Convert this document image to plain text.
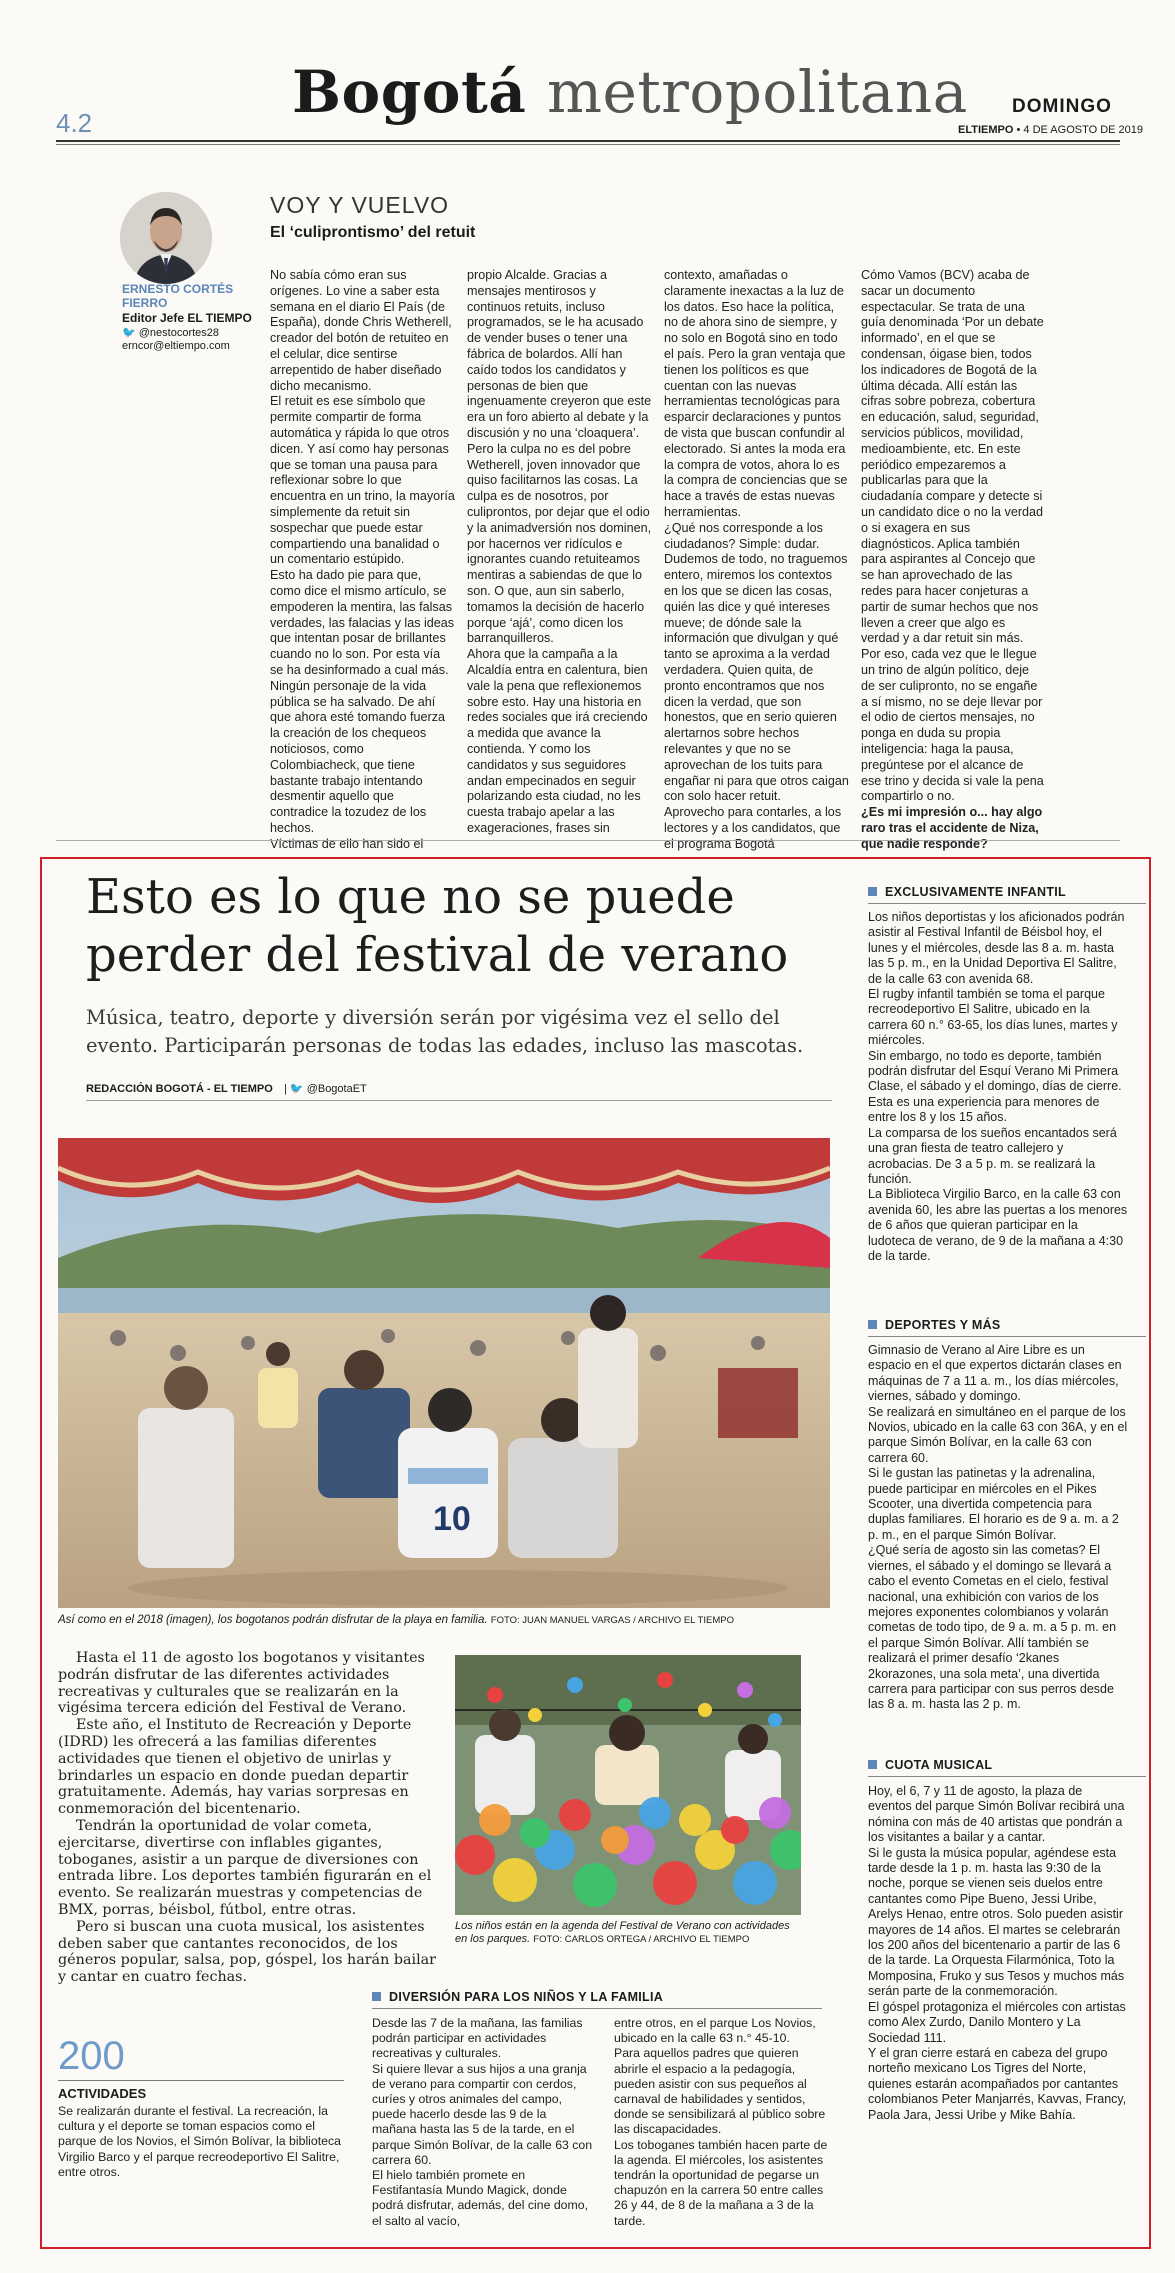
4.2	Bogotá metropolitana DOMINGO
ELTIEMPO • 4 DE AGOSTO DE 2019
ERNESTO CORTÉS FIERRO
Editor Jefe EL TIEMPO
🐦 @nestocortes28
erncor@eltiempo.com
VOY Y VUELVO
El ‘culiprontismo’ del retuit

No sabía cómo eran sus orígenes. Lo vine a saber esta semana en el diario El País (de España), donde Chris Wetherell, creador del botón de retuiteo en el celular, dice sentirse arrepentido de haber diseñado dicho mecanismo.

El retuit es ese símbolo que permite compartir de forma automática y rápida lo que otros dicen. Y así como hay personas que se toman una pausa para reflexionar sobre lo que encuentra en un trino, la mayoría simplemente da retuit sin sospechar que puede estar compartiendo una banalidad o un comentario estúpido.

Esto ha dado pie para que, como dice el mismo artículo, se empoderen la mentira, las falsas verdades, las falacias y las ideas que intentan posar de brillantes cuando no lo son. Por esta vía se ha desinformado a cual más. Ningún personaje de la vida pública se ha salvado. De ahí que ahora esté tomando fuerza la creación de los chequeos noticiosos, como Colombiacheck, que tiene bastante trabajo intentando desmentir aquello que contradice la tozudez de los hechos.

Víctimas de ello han sido el

propio Alcalde. Gracias a mensajes mentirosos y continuos retuits, incluso programados, se le ha acusado de vender buses o tener una fábrica de bolardos. Allí han caído todos los candidatos y personas de bien que ingenuamente creyeron que este era un foro abierto al debate y la discusión y no una ‘cloaquera’.

Pero la culpa no es del pobre Wetherell, joven innovador que quiso facilitarnos las cosas. La culpa es de nosotros, por culiprontos, por dejar que el odio y la animadversión nos dominen, por hacernos ver ridículos e ignorantes cuando retuiteamos mentiras a sabiendas de que lo son. O que, aun sin saberlo, tomamos la decisión de hacerlo porque ‘ajá’, como dicen los barranquilleros.

Ahora que la campaña a la Alcaldía entra en calentura, bien vale la pena que reflexionemos sobre esto. Hay una historia en redes sociales que irá creciendo a medida que avance la contienda. Y como los candidatos y sus seguidores andan empecinados en seguir polarizando esta ciudad, no les cuesta trabajo apelar a las exageraciones, frases sin

contexto, amañadas o claramente inexactas a la luz de los datos. Eso hace la política, no de ahora sino de siempre, y no solo en Bogotá sino en todo el país. Pero la gran ventaja que tienen los políticos es que cuentan con las nuevas herramientas tecnológicas para esparcir declaraciones y puntos de vista que buscan confundir al electorado. Si antes la moda era la compra de votos, ahora lo es la compra de conciencias que se hace a través de estas nuevas herramientas.

¿Qué nos corresponde a los ciudadanos? Simple: dudar. Dudemos de todo, no traguemos entero, miremos los contextos en los que se dicen las cosas, quién las dice y qué intereses mueve; de dónde sale la información que divulgan y qué tanto se aproxima a la verdad verdadera. Quien quita, de pronto encontramos que nos dicen la verdad, que son honestos, que en serio quieren alertarnos sobre hechos relevantes y que no se aprovechan de los tuits para engañar ni para que otros caigan con solo hacer retuit.

Aprovecho para contarles, a los lectores y a los candidatos, que el programa Bogotá

Cómo Vamos (BCV) acaba de sacar un documento espectacular. Se trata de una guía denominada ‘Por un debate informado’, en el que se condensan, óigase bien, todos los indicadores de Bogotá de la última década. Allí están las cifras sobre pobreza, cobertura en educación, salud, seguridad, servicios públicos, movilidad, medioambiente, etc. En este periódico empezaremos a publicarlas para que la ciudadanía compare y detecte si un candidato dice o no la verdad o si exagera en sus diagnósticos. Aplica también para aspirantes al Concejo que se han aprovechado de las redes para hacer conjeturas a partir de sumar hechos que nos lleven a creer que algo es verdad y a dar retuit sin más.

Por eso, cada vez que le llegue un trino de algún político, deje de ser culipronto, no se engañe a sí mismo, no se deje llevar por el odio de ciertos mensajes, no ponga en duda su propia inteligencia: haga la pausa, pregúntese por el alcance de ese trino y decida si vale la pena compartirlo o no.

¿Es mi impresión o... hay algo raro tras el accidente de Niza, que nadie responde?

Esto es lo que no se puede perder del festival de verano
Música, teatro, deporte y diversión serán por vigésima vez el sello del evento. Participarán personas de todas las edades, incluso las mascotas.
REDACCIÓN BOGOTÁ - EL TIEMPO | 🐦 @BogotaET
10
Así como en el 2018 (imagen), los bogotanos podrán disfrutar de la playa en familia. FOTO: JUAN MANUEL VARGAS / ARCHIVO EL TIEMPO

Hasta el 11 de agosto los bogotanos y visitantes podrán disfrutar de las diferentes actividades recreativas y culturales que se realizarán en la vigésima tercera edición del Festival de Verano.

Este año, el Instituto de Recreación y Deporte (IDRD) les ofrecerá a las familias diferentes actividades que tienen el objetivo de unirlas y brindarles un espacio en donde puedan departir gratuitamente. Además, hay varias sorpresas en conmemoración del bicentenario.

Tendrán la oportunidad de volar cometa, ejercitarse, divertirse con inflables gigantes, toboganes, asistir a un parque de diversiones con entrada libre. Los deportes también figurarán en el evento. Se realizarán muestras y competencias de BMX, porras, béisbol, fútbol, entre otras.

Pero si buscan una cuota musical, los asistentes deben saber que cantantes reconocidos, de los géneros popular, salsa, pop, góspel, los harán bailar y cantar en cuatro fechas.

Los niños están en la agenda del Festival de Verano con actividades en los parques. FOTO: CARLOS ORTEGA / ARCHIVO EL TIEMPO
EXCLUSIVAMENTE INFANTIL

Los niños deportistas y los aficionados podrán asistir al Festival Infantil de Béisbol hoy, el lunes y el miércoles, desde las 8 a. m. hasta las 5 p. m., en la Unidad Deportiva El Salitre, de la calle 63 con avenida 68.

El rugby infantil también se toma el parque recreodeportivo El Salitre, ubicado en la carrera 60 n.° 63-65, los días lunes, martes y miércoles.

Sin embargo, no todo es deporte, también podrán disfrutar del Esquí Verano Mi Primera Clase, el sábado y el domingo, días de cierre. Esta es una experiencia para menores de entre los 8 y los 15 años.

La comparsa de los sueños encantados será una gran fiesta de teatro callejero y acrobacias. De 3 a 5 p. m. se realizará la función.

La Biblioteca Virgilio Barco, en la calle 63 con avenida 60, les abre las puertas a los menores de 6 años que quieran participar en la ludoteca de verano, de 9 de la mañana a 4:30 de la tarde.

DEPORTES Y MÁS

Gimnasio de Verano al Aire Libre es un espacio en el que expertos dictarán clases en máquinas de 7 a 11 a. m., los días miércoles, viernes, sábado y domingo.

Se realizará en simultáneo en el parque de los Novios, ubicado en la calle 63 con 36A, y en el parque Simón Bolívar, en la calle 63 con carrera 60.

Si le gustan las patinetas y la adrenalina, puede participar en miércoles en el Pikes Scooter, una divertida competencia para duplas familiares. El horario es de 9 a. m. a 2 p. m., en el parque Simón Bolívar.

¿Qué sería de agosto sin las cometas? El viernes, el sábado y el domingo se llevará a cabo el evento Cometas en el cielo, festival nacional, una exhibición con varios de los mejores exponentes colombianos y volarán cometas de todo tipo, de 9 a. m. a 5 p. m. en el parque Simón Bolívar. Allí también se realizará el primer desafío ‘2kanes 2korazones, una sola meta’, una divertida carrera para participar con sus perros desde las 8 a. m. hasta las 2 p. m.

CUOTA MUSICAL

Hoy, el 6, 7 y 11 de agosto, la plaza de eventos del parque Simón Bolívar recibirá una nómina con más de 40 artistas que pondrán a los visitantes a bailar y a cantar.

Si le gusta la música popular, agéndese esta tarde desde la 1 p. m. hasta las 9:30 de la noche, porque se vienen seis duelos entre cantantes como Pipe Bueno, Jessi Uribe, Arelys Henao, entre otros. Solo pueden asistir mayores de 14 años. El martes se celebrarán los 200 años del bicentenario a partir de las 6 de la tarde. La Orquesta Filarmónica, Toto la Momposina, Fruko y sus Tesos y muchos más serán parte de la conmemoración.

El góspel protagoniza el miércoles con artistas como Alex Zurdo, Danilo Montero y La Sociedad 111.

Y el gran cierre estará en cabeza del grupo norteño mexicano Los Tigres del Norte, quienes estarán acompañados por cantantes colombianos Peter Manjarrés, Kavvas, Francy, Paola Jara, Jessi Uribe y Mike Bahía.

DIVERSIÓN PARA LOS NIÑOS Y LA FAMILIA

Desde las 7 de la mañana, las familias podrán participar en actividades recreativas y culturales.

Si quiere llevar a sus hijos a una granja de verano para compartir con cerdos, curíes y otros animales del campo, puede hacerlo desde las 9 de la mañana hasta las 5 de la tarde, en el parque Simón Bolívar, de la calle 63 con carrera 60.

El hielo también promete en Festifantasía Mundo Magick, donde podrá disfrutar, además, del cine domo, el salto al vacío,

entre otros, en el parque Los Novios, ubicado en la calle 63 n.° 45-10.

Para aquellos padres que quieren abrirle el espacio a la pedagogía, pueden asistir con sus pequeños al carnaval de habilidades y sentidos, donde se sensibilizará al público sobre las discapacidades.

Los toboganes también hacen parte de la agenda. El miércoles, los asistentes tendrán la oportunidad de pegarse un chapuzón en la carrera 50 entre calles 26 y 44, de 8 de la mañana a 3 de la tarde.

200
ACTIVIDADES
Se realizarán durante el festival. La recreación, la cultura y el deporte se toman espacios como el parque de los Novios, el Simón Bolívar, la biblioteca Virgilio Barco y el parque recreodeportivo El Salitre, entre otros.
